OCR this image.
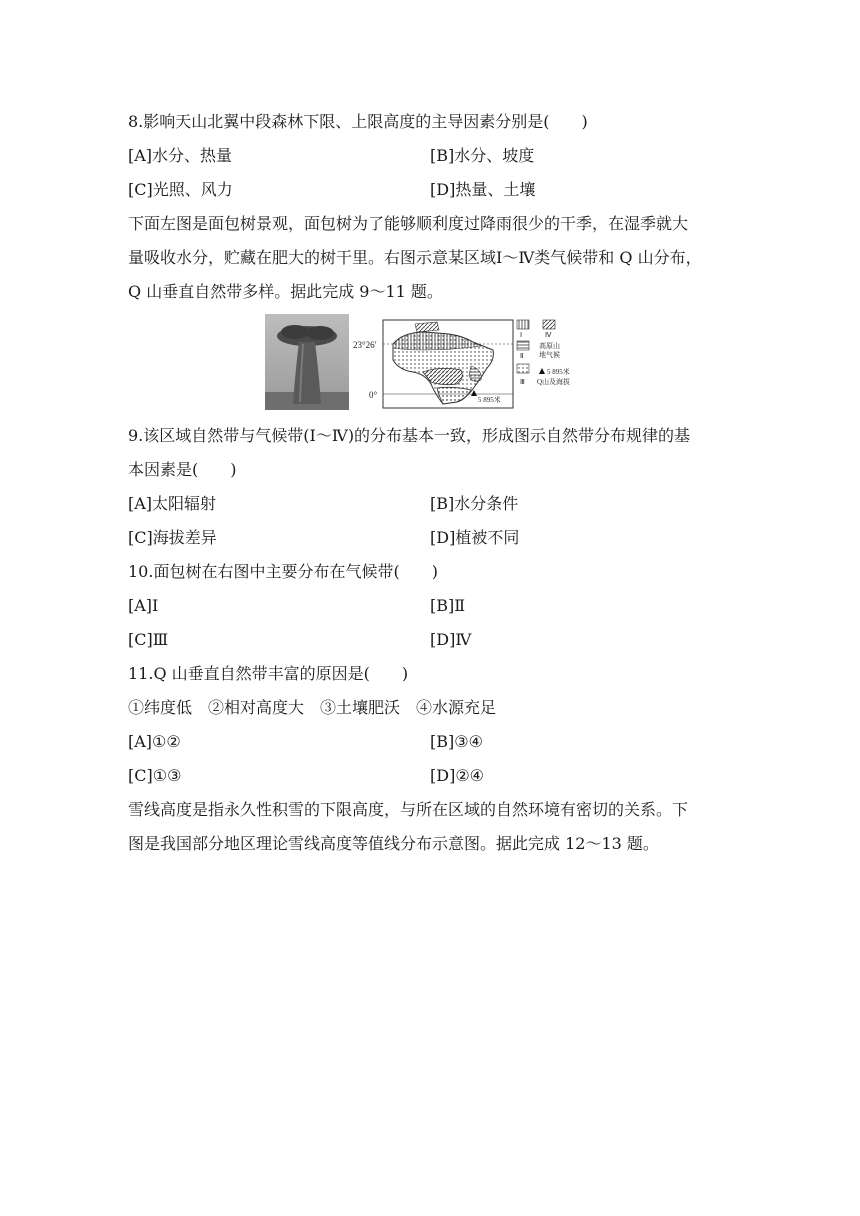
8.影响天山北翼中段森林下限、上限高度的主导因素分别是(　　)
[A]水分、热量	[B]水分、坡度
[C]光照、风力	[D]热量、土壤
下面左图是面包树景观，面包树为了能够顺利度过降雨很少的干季，在湿季就大
量吸收水分，贮藏在肥大的树干里。右图示意某区域Ⅰ～Ⅳ类气候带和 Q 山分布，
Q 山垂直自然带多样。据此完成 9～11 题。
23°26′
0°	5 895米
Ⅰ	Ⅳ
Ⅱ
高原山
地气候
Ⅲ
5 895米
Q山及海拔
9.该区域自然带与气候带(Ⅰ～Ⅳ)的分布基本一致，形成图示自然带分布规律的基
本因素是(　　)
[A]太阳辐射	[B]水分条件
[C]海拔差异	[D]植被不同
10.面包树在右图中主要分布在气候带(　　)
[A]Ⅰ	[B]Ⅱ
[C]Ⅲ	[D]Ⅳ
11.Q 山垂直自然带丰富的原因是(　　)
①纬度低　②相对高度大　③土壤肥沃　④水源充足
[A]①②	[B]③④
[C]①③	[D]②④
雪线高度是指永久性积雪的下限高度，与所在区域的自然环境有密切的关系。下
图是我国部分地区理论雪线高度等值线分布示意图。据此完成 12～13 题。
